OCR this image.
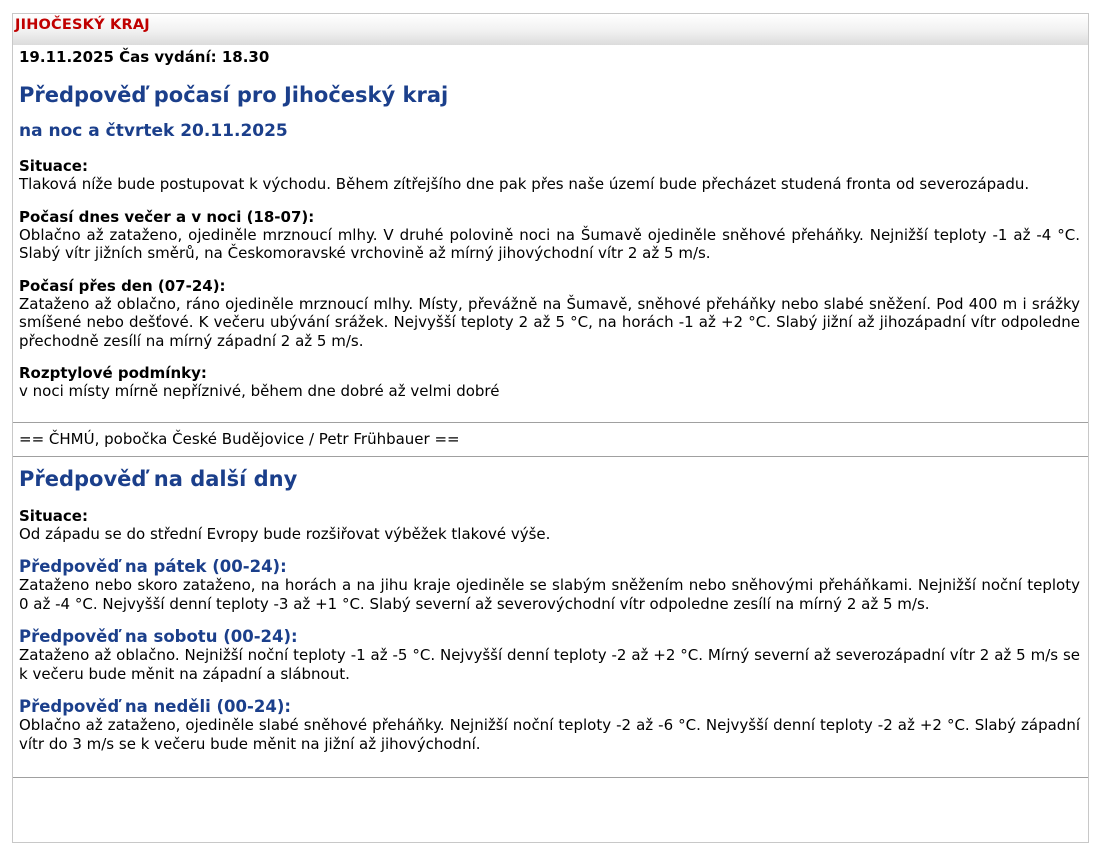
JIHOČESKÝ KRAJ

19.11.2025 Čas vydání: 18.30

Předpověď počasí pro Jihočeský kraj
na noc a čtvrtek 20.11.2025

Situace:

Tlaková níže bude postupovat k východu. Během zítřejšího dne pak přes naše území bude přecházet studená fronta od severozápadu.

Počasí dnes večer a v noci (18-07):

Oblačno až zataženo, ojediněle mrznoucí mlhy. V druhé polovině noci na Šumavě ojediněle sněhové přeháňky. Nejnižší teploty -1 až -4 °C. Slabý vítr jižních směrů, na Českomoravské vrchovině až mírný jihovýchodní vítr 2 až 5 m/s.

Počasí přes den (07-24):

Zataženo až oblačno, ráno ojediněle mrznoucí mlhy. Místy, převážně na Šumavě, sněhové přeháňky nebo slabé sněžení. Pod 400 m i srážky smíšené nebo dešťové. K večeru ubývání srážek. Nejvyšší teploty 2 až 5 °C, na horách -1 až +2 °C. Slabý jižní až jihozápadní vítr odpoledne přechodně zesílí na mírný západní 2 až 5 m/s.

Rozptylové podmínky:

v noci místy mírně nepříznivé, během dne dobré až velmi dobré

== ČHMÚ, pobočka České Budějovice / Petr Frühbauer ==

Předpověď na další dny

Situace:

Od západu se do střední Evropy bude rozšiřovat výběžek tlakové výše.

Předpověď na pátek (00-24):

Zataženo nebo skoro zataženo, na horách a na jihu kraje ojediněle se slabým sněžením nebo sněhovými přeháňkami. Nejnižší noční teploty 0 až -4 °C. Nejvyšší denní teploty -3 až +1 °C. Slabý severní až severovýchodní vítr odpoledne zesílí na mírný 2 až 5 m/s.

Předpověď na sobotu (00-24):

Zataženo až oblačno. Nejnižší noční teploty -1 až -5 °C. Nejvyšší denní teploty -2 až +2 °C. Mírný severní až severozápadní vítr 2 až 5 m/s se k večeru bude měnit na západní a slábnout.

Předpověď na neděli (00-24):

Oblačno až zataženo, ojediněle slabé sněhové přeháňky. Nejnižší noční teploty -2 až -6 °C. Nejvyšší denní teploty -2 až +2 °C. Slabý západní vítr do 3 m/s se k večeru bude měnit na jižní až jihovýchodní.
